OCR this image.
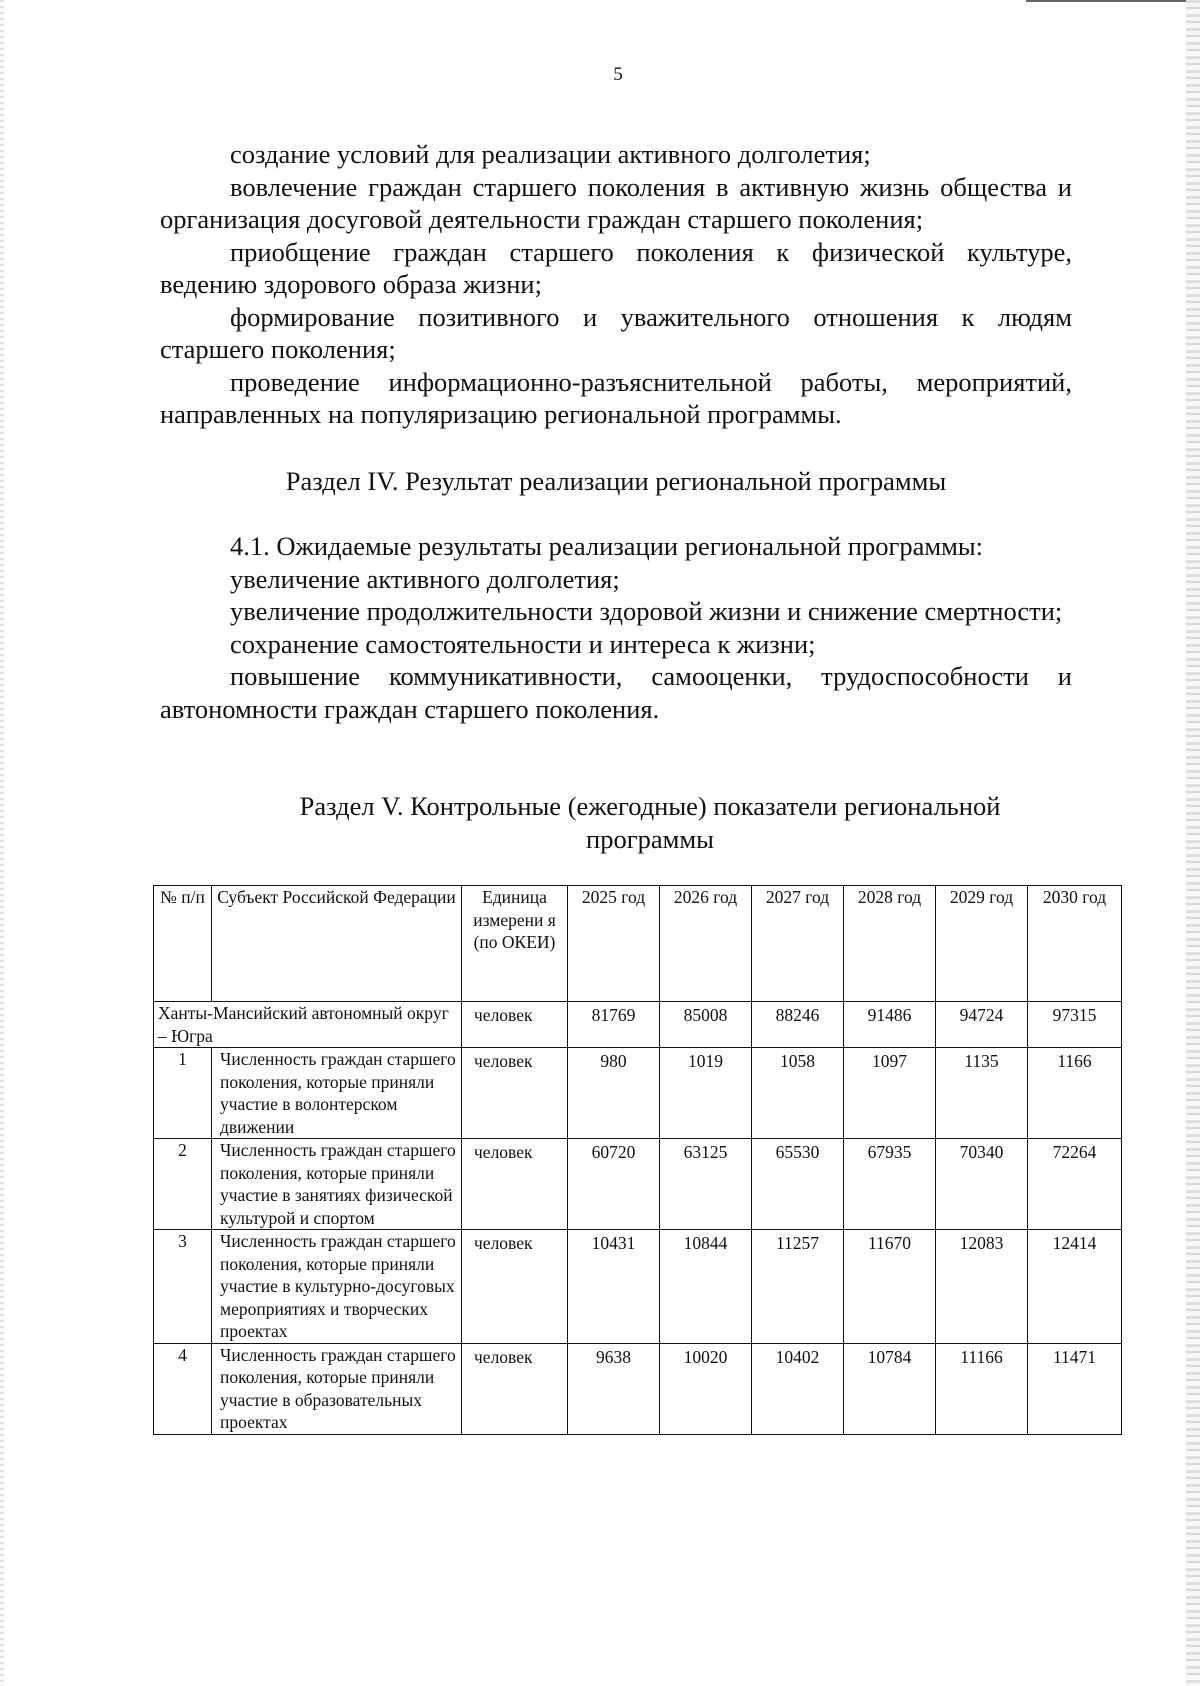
5

создание условий для реализации активного долголетия;

вовлечение граждан старшего поколения в активную жизнь общества и организация досуговой деятельности граждан старшего поколения;

приобщение граждан старшего поколения к физической культуре, ведению здорового образа жизни;

формирование позитивного и уважительного отношения к людям старшего поколения;

проведение информационно-разъяснительной работы, мероприятий, направленных на популяризацию региональной программы.

Раздел IV. Результат реализации региональной программы

4.1. Ожидаемые результаты реализации региональной программы:

увеличение активного долголетия;

увеличение продолжительности здоровой жизни и снижение смертности;

сохранение самостоятельности и интереса к жизни;

повышение коммуникативности, самооценки, трудоспособности и автономности граждан старшего поколения.

Раздел V. Контрольные (ежегодные) показатели региональной
программы
№ п/п	Субъект Российской Федерации	Единица измерени я (по ОКЕИ)	2025 год	2026 год	2027 год	2028 год	2029 год	2030 год
Ханты-Мансийский автономный округ – Югра		человек	81769	85008	88246	91486	94724	97315
1	Численность граждан старшего поколения, которые приняли участие в волонтерском движении	человек	980	1019	1058	1097	1135	1166
2	Численность граждан старшего поколения, которые приняли участие в занятиях физической культурой и спортом	человек	60720	63125	65530	67935	70340	72264
3	Численность граждан старшего поколения, которые приняли участие в культурно-досуговых мероприятиях и творческих проектах	человек	10431	10844	11257	11670	12083	12414
4	Численность граждан старшего поколения, которые приняли участие в образовательных проектах	человек	9638	10020	10402	10784	11166	11471
